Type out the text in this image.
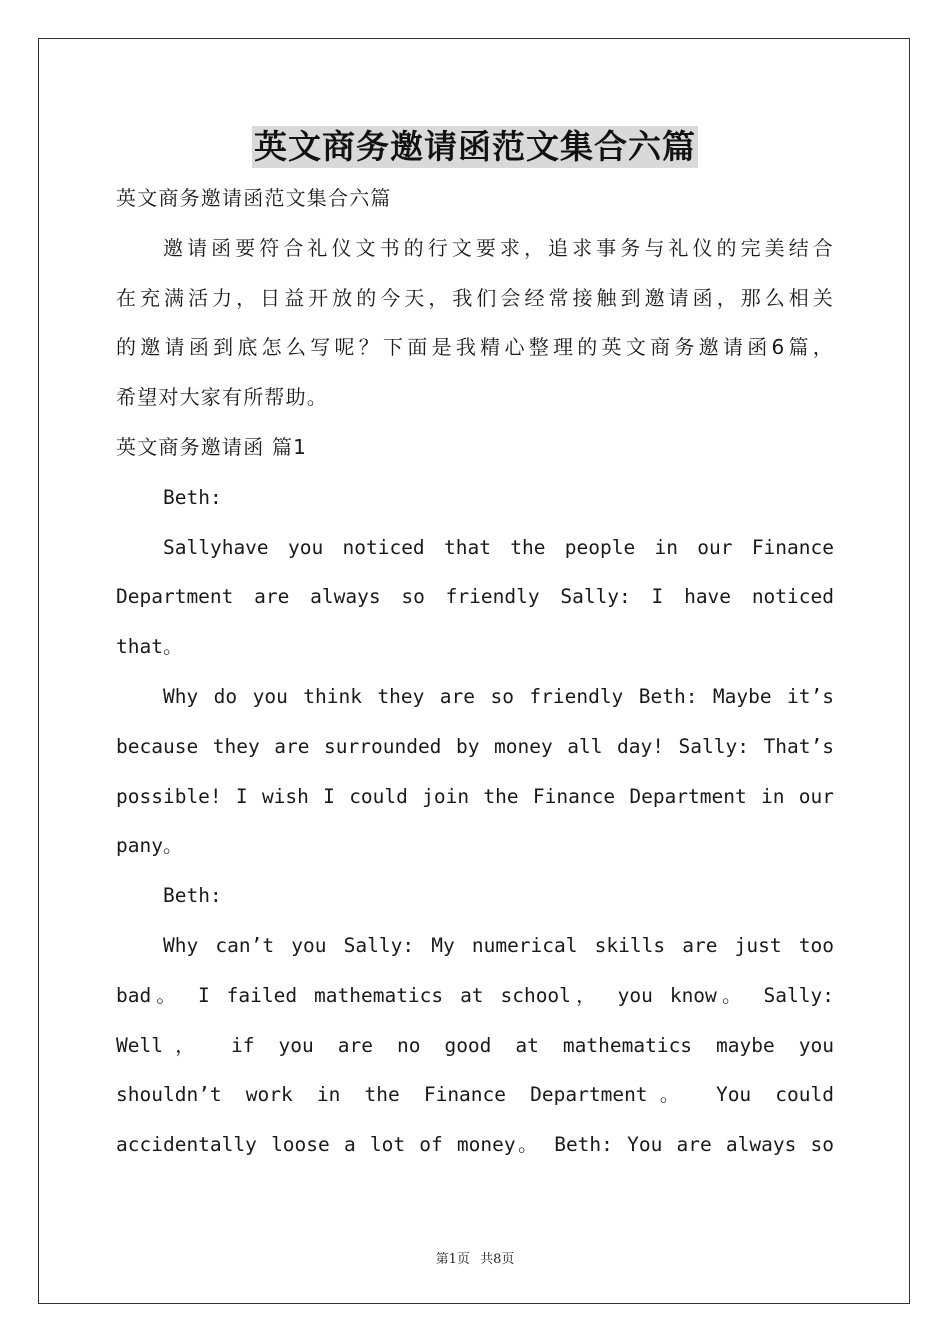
英文商务邀请函范文集合六篇
英文商务邀请函范文集合六篇
邀请函要符合礼仪文书的行文要求，追求事务与礼仪的完美结合
在充满活力，日益开放的今天，我们会经常接触到邀请函，那么相关
的邀请函到底怎么写呢？下面是我精心整理的英文商务邀请函6篇，
希望对大家有所帮助。
英文商务邀请函 篇1
Beth:
Sallyhave you noticed that the people in our Finance
Department are always so friendly Sally: I have noticed
that。
Why do you think they are so friendly Beth: Maybe it’s
because they are surrounded by money all day! Sally: That’s
possible! I wish I could join the Finance Department in our
pany。
Beth:
Why can’t you Sally: My numerical skills are just too
bad。 I failed mathematics at school， you know。 Sally:
Well， if you are no good at mathematics maybe you
shouldn’t work in the Finance Department。 You could
accidentally loose a lot of money。 Beth: You are always so
第1页 共8页
